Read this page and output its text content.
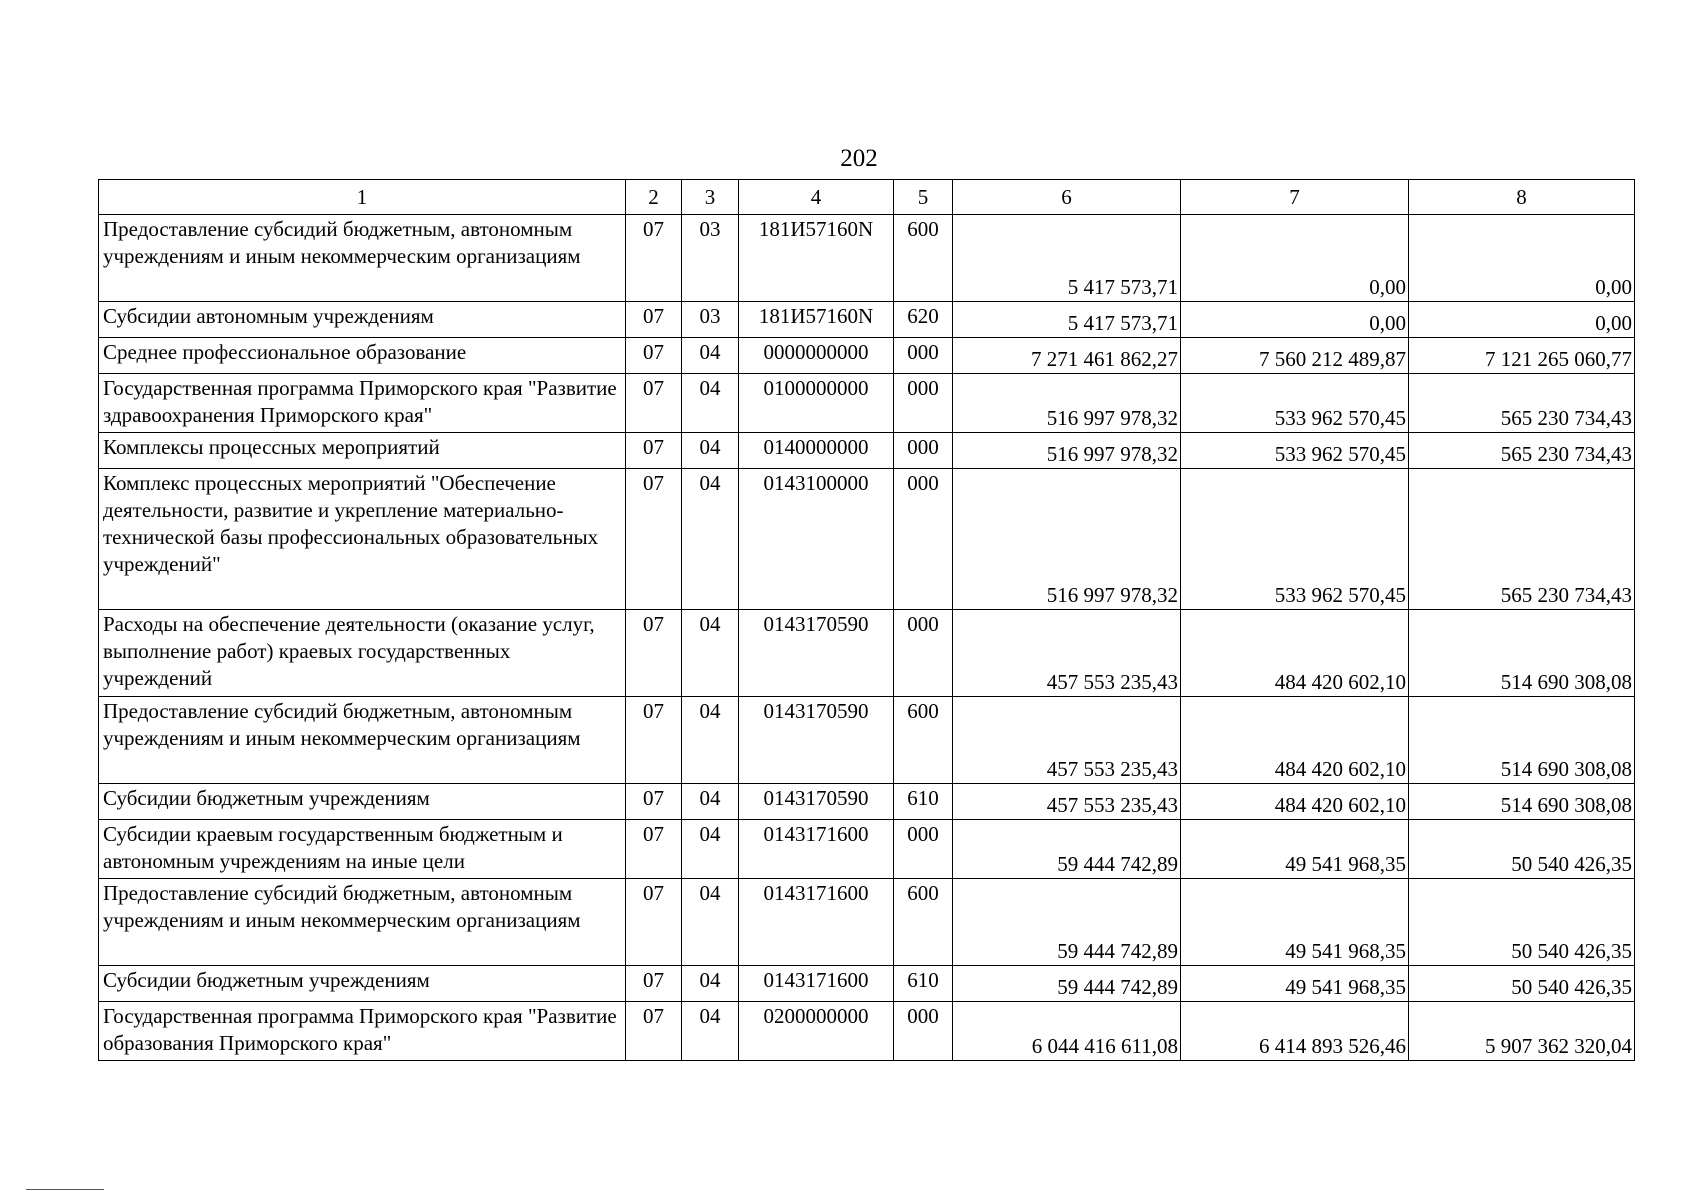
202
1	2	3	4	5	6	7	8
Предоставление субсидий бюджетным, автономным учреждениям и иным некоммерческим организациям	07	03	181И57160N	600	5 417 573,71	0,00	0,00
Субсидии автономным учреждениям	07	03	181И57160N	620	5 417 573,71	0,00	0,00
Среднее профессиональное образование	07	04	0000000000	000	7 271 461 862,27	7 560 212 489,87	7 121 265 060,77
Государственная программа Приморского края "Развитие здравоохранения Приморского края"	07	04	0100000000	000	516 997 978,32	533 962 570,45	565 230 734,43
Комплексы процессных мероприятий	07	04	0140000000	000	516 997 978,32	533 962 570,45	565 230 734,43
Комплекс процессных мероприятий "Обеспечение деятельности, развитие и укрепление материально-технической базы профессиональных образовательных учреждений"	07	04	0143100000	000	516 997 978,32	533 962 570,45	565 230 734,43
Расходы на обеспечение деятельности (оказание услуг, выполнение работ) краевых государственных учреждений	07	04	0143170590	000	457 553 235,43	484 420 602,10	514 690 308,08
Предоставление субсидий бюджетным, автономным учреждениям и иным некоммерческим организациям	07	04	0143170590	600	457 553 235,43	484 420 602,10	514 690 308,08
Субсидии бюджетным учреждениям	07	04	0143170590	610	457 553 235,43	484 420 602,10	514 690 308,08
Субсидии краевым государственным бюджетным и автономным учреждениям на иные цели	07	04	0143171600	000	59 444 742,89	49 541 968,35	50 540 426,35
Предоставление субсидий бюджетным, автономным учреждениям и иным некоммерческим организациям	07	04	0143171600	600	59 444 742,89	49 541 968,35	50 540 426,35
Субсидии бюджетным учреждениям	07	04	0143171600	610	59 444 742,89	49 541 968,35	50 540 426,35
Государственная программа Приморского края "Развитие образования Приморского края"	07	04	0200000000	000	6 044 416 611,08	6 414 893 526,46	5 907 362 320,04
